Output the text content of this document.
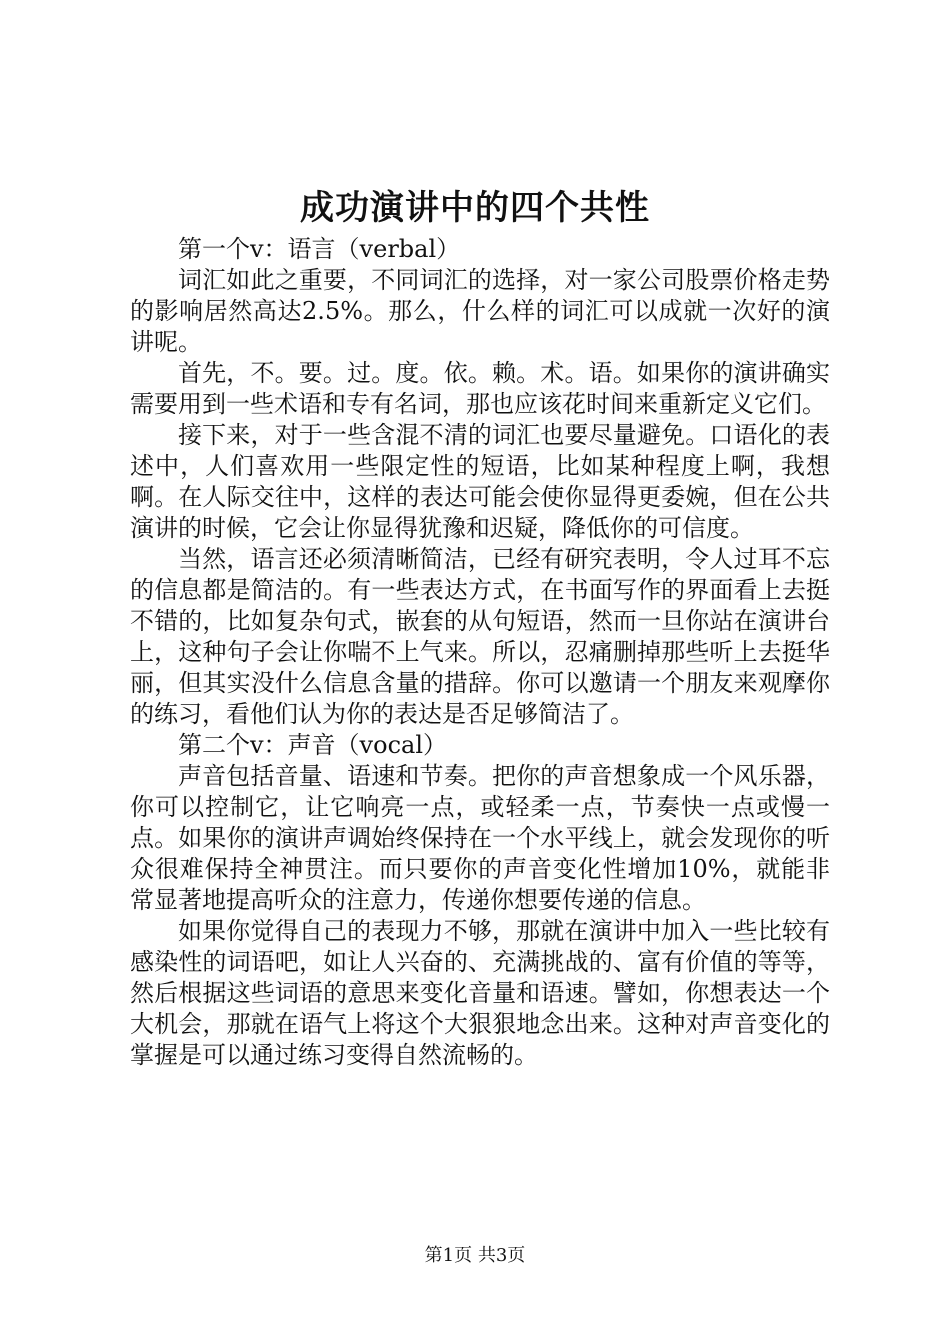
成功演讲中的四个共性

第一个v：语言（verbal）

词汇如此之重要，不同词汇的选择，对一家公司股票价格走势的影响居然高达2.5%。那么，什么样的词汇可以成就一次好的演讲呢。

首先，不。要。过。度。依。赖。术。语。如果你的演讲确实需要用到一些术语和专有名词，那也应该花时间来重新定义它们。

接下来，对于一些含混不清的词汇也要尽量避免。口语化的表述中，人们喜欢用一些限定性的短语，比如某种程度上啊，我想啊。在人际交往中，这样的表达可能会使你显得更委婉，但在公共演讲的时候，它会让你显得犹豫和迟疑，降低你的可信度。

当然，语言还必须清晰简洁，已经有研究表明，令人过耳不忘的信息都是简洁的。有一些表达方式，在书面写作的界面看上去挺不错的，比如复杂句式，嵌套的从句短语，然而一旦你站在演讲台上，这种句子会让你喘不上气来。所以，忍痛删掉那些听上去挺华丽，但其实没什么信息含量的措辞。你可以邀请一个朋友来观摩你的练习，看他们认为你的表达是否足够简洁了。

第二个v：声音（vocal）

声音包括音量、语速和节奏。把你的声音想象成一个风乐器，你可以控制它，让它响亮一点，或轻柔一点，节奏快一点或慢一点。如果你的演讲声调始终保持在一个水平线上，就会发现你的听众很难保持全神贯注。而只要你的声音变化性增加10%，就能非常显著地提高听众的注意力，传递你想要传递的信息。

如果你觉得自己的表现力不够，那就在演讲中加入一些比较有感染性的词语吧，如让人兴奋的、充满挑战的、富有价值的等等，然后根据这些词语的意思来变化音量和语速。譬如，你想表达一个大机会，那就在语气上将这个大狠狠地念出来。这种对声音变化的掌握是可以通过练习变得自然流畅的。

第1页 共3页
